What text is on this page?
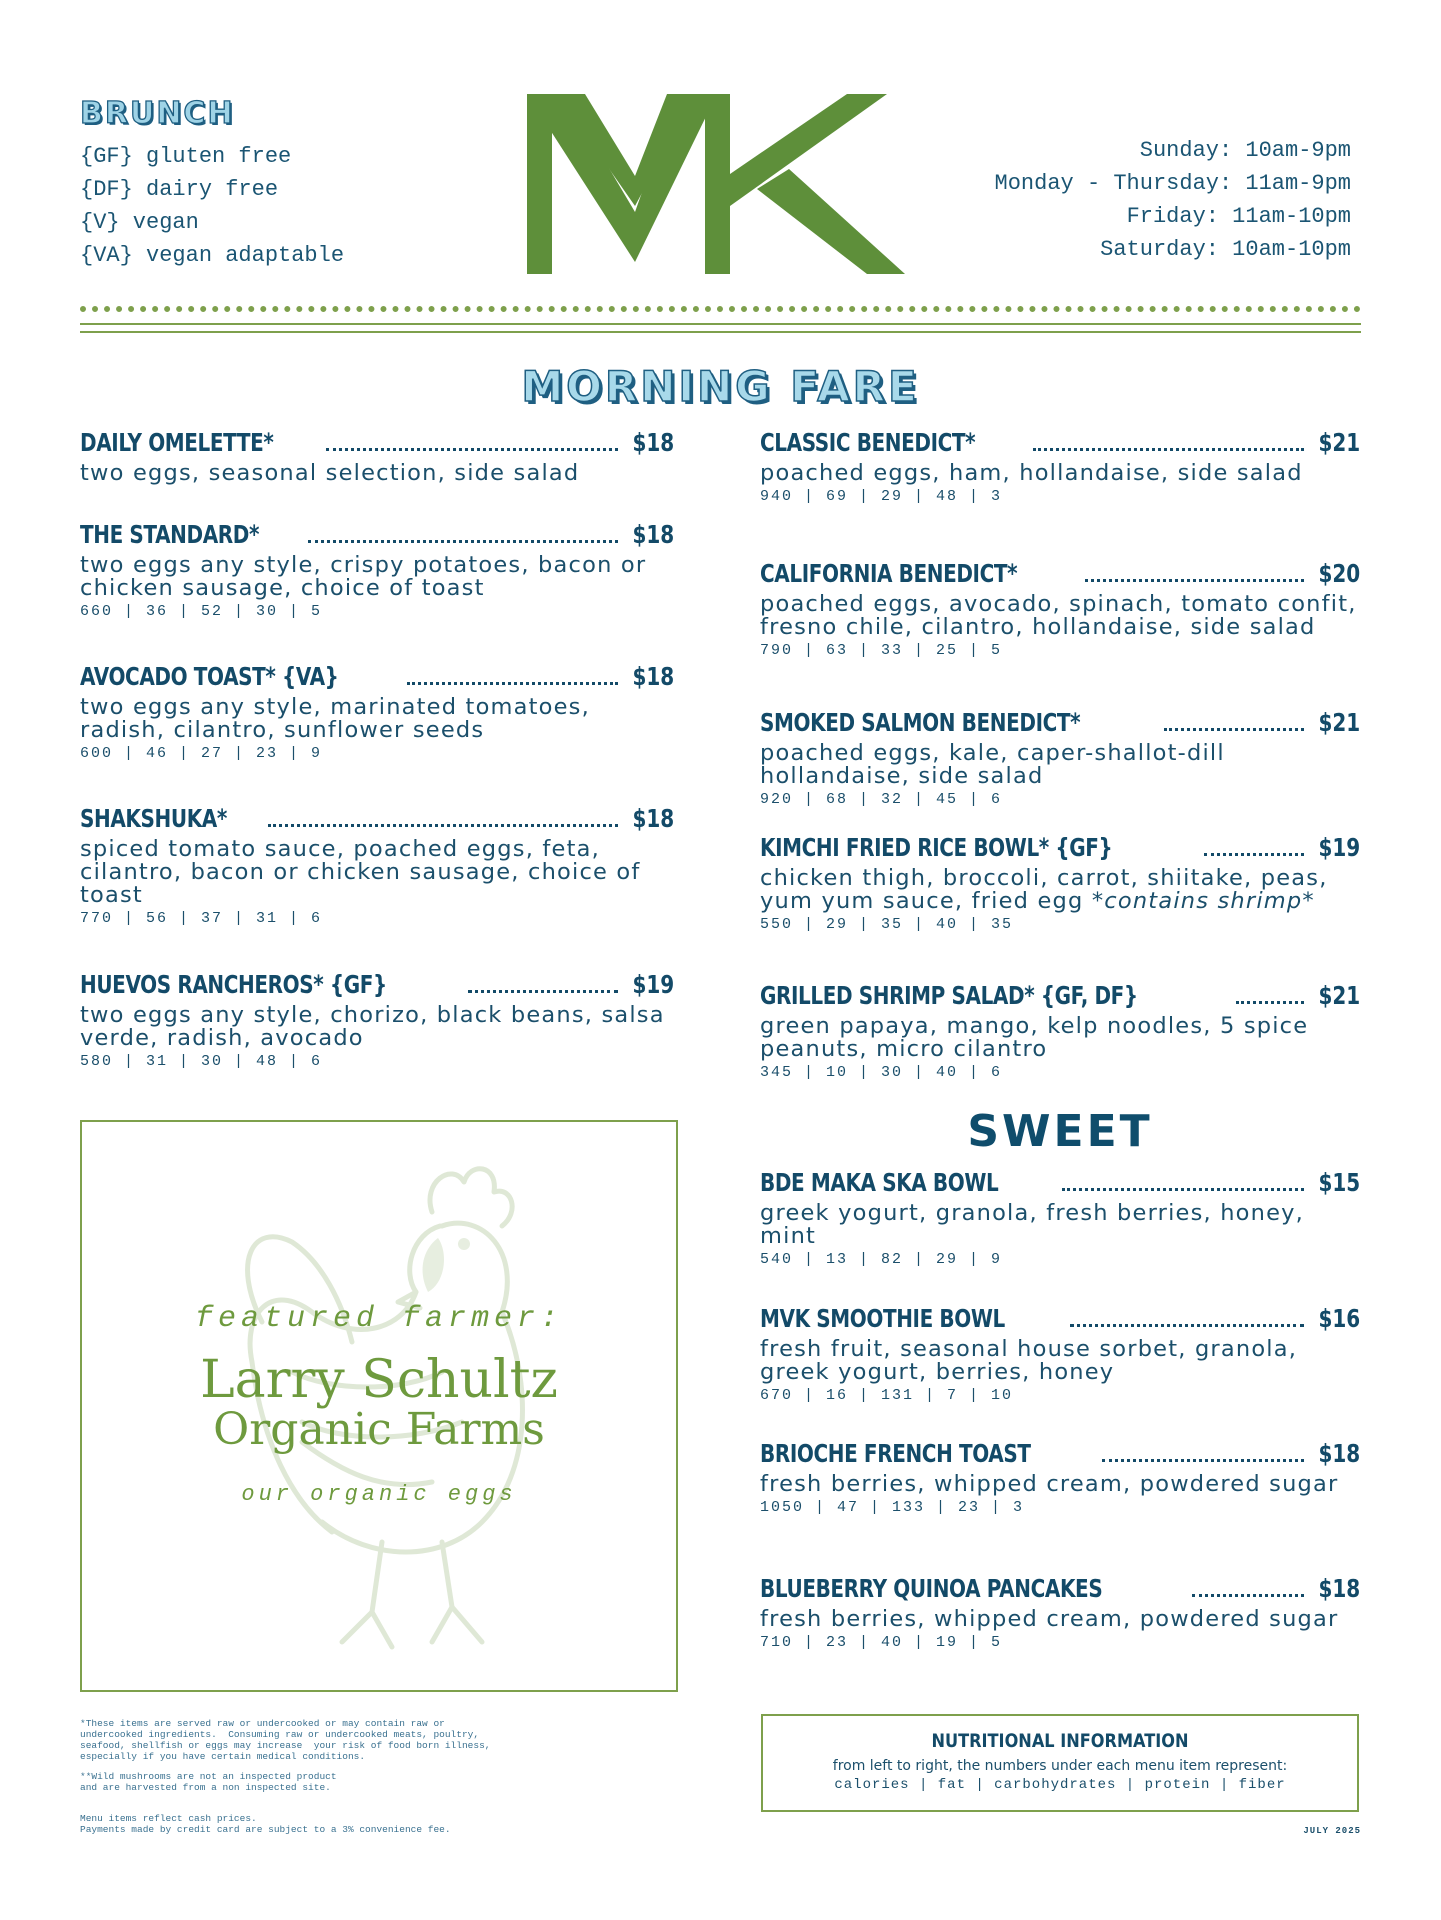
BRUNCH
{GF} gluten free
{DF} dairy free
{V} vegan
{VA} vegan adaptable
Sunday: 10am-9pm
Monday - Thursday: 11am-9pm
Friday: 11am-10pm
Saturday: 10am-10pm
MORNING FARE
DAILY OMELETTE*	$18
two eggs, seasonal selection, side salad
THE STANDARD*	$18
two eggs any style, crispy potatoes, bacon or chicken sausage, choice of toast
660 | 36 | 52 | 30 | 5
AVOCADO TOAST* {VA}	$18
two eggs any style, marinated tomatoes, radish, cilantro, sunflower seeds
600 | 46 | 27 | 23 | 9
SHAKSHUKA*	$18
spiced tomato sauce, poached eggs, feta, cilantro, bacon or chicken sausage, choice of toast
770 | 56 | 37 | 31 | 6
HUEVOS RANCHEROS* {GF}	$19
two eggs any style, chorizo, black beans, salsa verde, radish, avocado
580 | 31 | 30 | 48 | 6
CLASSIC BENEDICT*	$21
poached eggs, ham, hollandaise, side salad
940 | 69 | 29 | 48 | 3
CALIFORNIA BENEDICT*	$20
poached eggs, avocado, spinach, tomato confit, fresno chile, cilantro, hollandaise, side salad
790 | 63 | 33 | 25 | 5
SMOKED SALMON BENEDICT*	$21
poached eggs, kale, caper-shallot-dill hollandaise, side salad
920 | 68 | 32 | 45 | 6
KIMCHI FRIED RICE BOWL* {GF}	$19
chicken thigh, broccoli, carrot, shiitake, peas, yum yum sauce, fried egg *contains shrimp*
550 | 29 | 35 | 40 | 35
GRILLED SHRIMP SALAD* {GF, DF}	$21
green papaya, mango, kelp noodles, 5 spice peanuts, micro cilantro
345 | 10 | 30 | 40 | 6
SWEET
BDE MAKA SKA BOWL	$15
greek yogurt, granola, fresh berries, honey, mint
540 | 13 | 82 | 29 | 9
MVK SMOOTHIE BOWL	$16
fresh fruit, seasonal house sorbet, granola, greek yogurt, berries, honey
670 | 16 | 131 | 7 | 10
BRIOCHE FRENCH TOAST	$18
fresh berries, whipped cream, powdered sugar
1050 | 47 | 133 | 23 | 3
BLUEBERRY QUINOA PANCAKES	$18
fresh berries, whipped cream, powdered sugar
710 | 23 | 40 | 19 | 5
featured farmer:
Larry Schultz
Organic Farms
our organic eggs
*These items are served raw or undercooked or may contain raw or
undercooked ingredients.  Consuming raw or undercooked meats, poultry,
seafood, shellfish or eggs may increase  your risk of food born illness,
especially if you have certain medical conditions.
**Wild mushrooms are not an inspected product
and are harvested from a non inspected site.
Menu items reflect cash prices.
Payments made by credit card are subject to a 3% convenience fee.
NUTRITIONAL INFORMATION
from left to right, the numbers under each menu item represent:
calories | fat | carbohydrates | protein | fiber
JULY 2025
